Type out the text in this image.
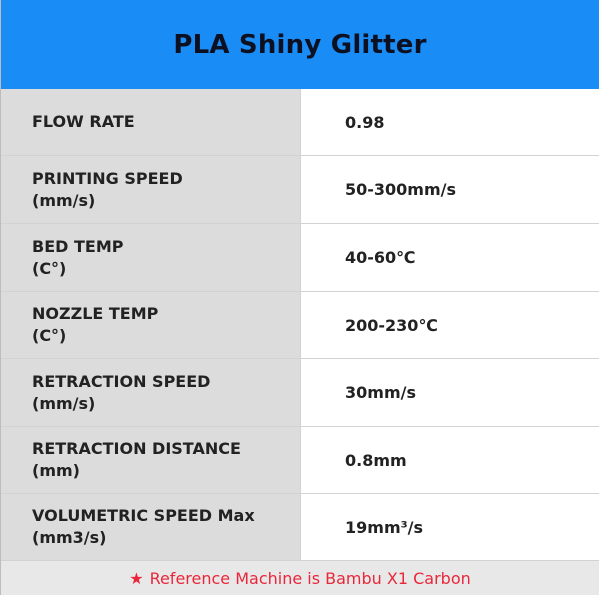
PLA Shiny Glitter
FLOW RATE	0.98
PRINTING SPEED
(mm/s)
50-300mm/s
BED TEMP
(C°)
40-60℃
NOZZLE TEMP
(C°)
200-230℃
RETRACTION SPEED
(mm/s)
30mm/s
RETRACTION DISTANCE
(mm)
0.8mm
VOLUMETRIC SPEED Max
(mm3/s)
19mm³/s
★ Reference Machine is Bambu X1 Carbon
